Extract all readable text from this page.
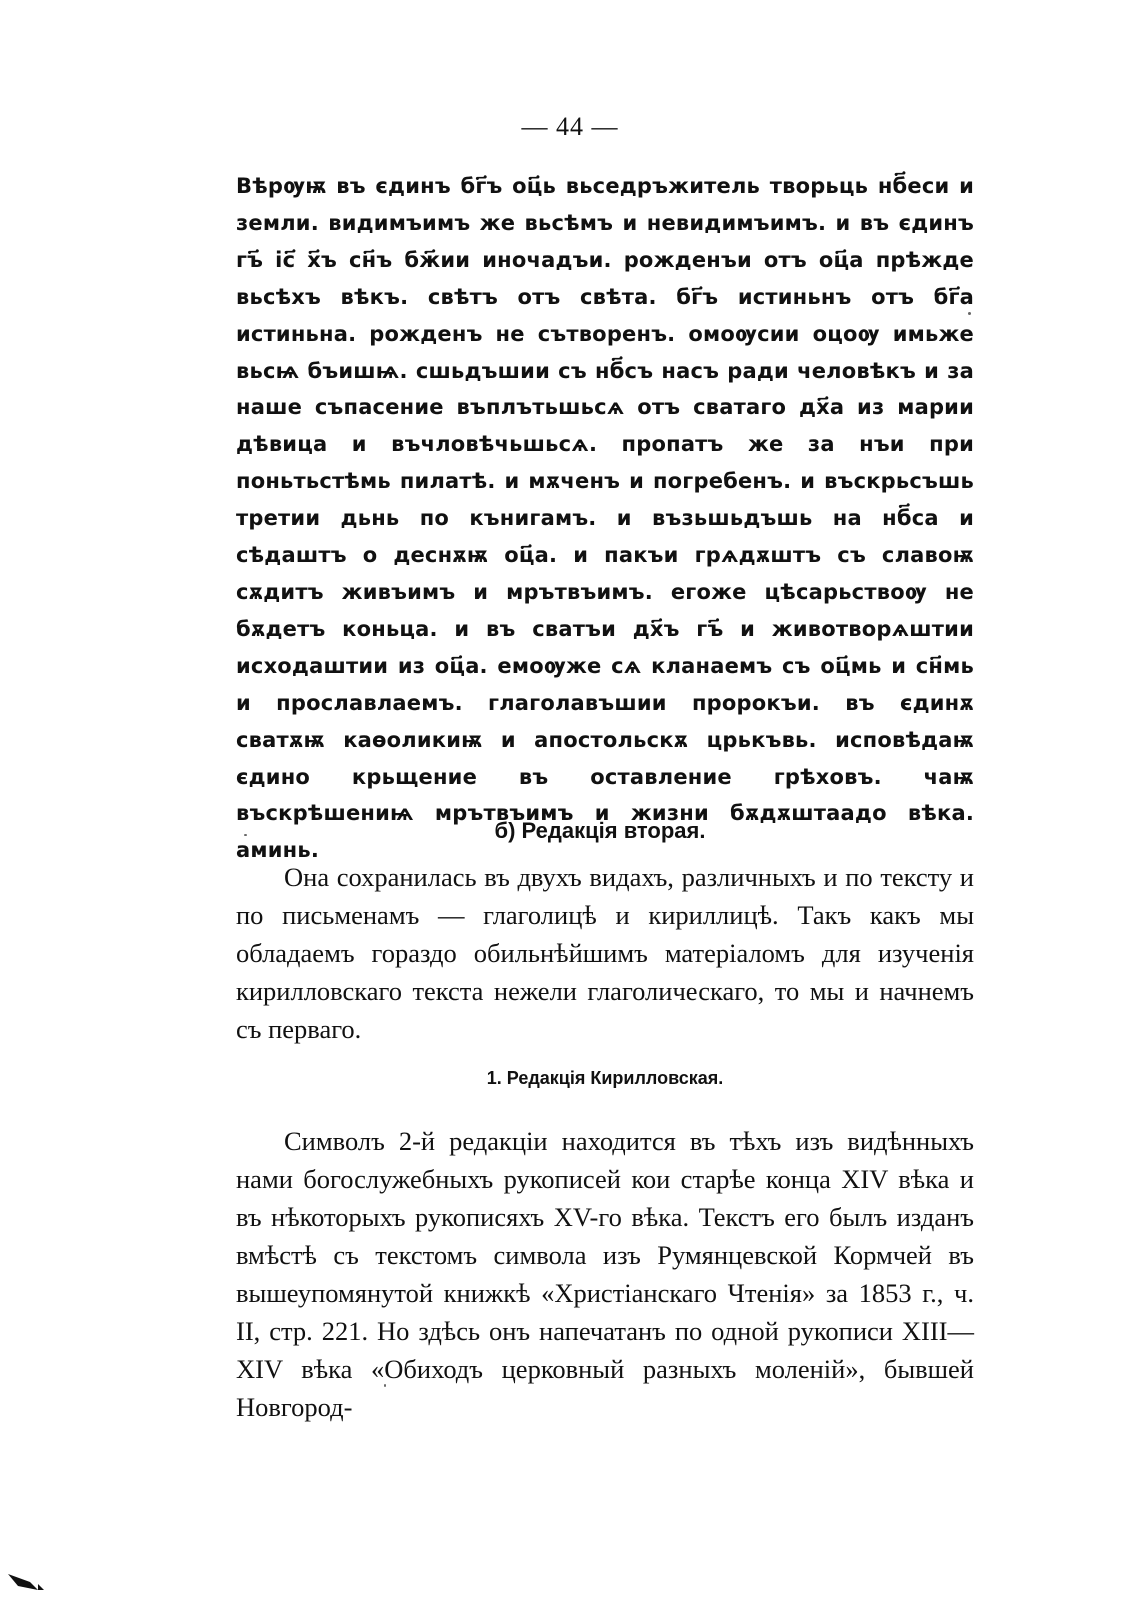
— 44 —
Вѣрѹѭ въ єдинъ бг҃ъ оц҃ь вьседръжитель творьць нб҃еси и земли. видимъимъ же вьсѣмъ и невидимъимъ. и въ єдинъ гъ҃ іс҃ х҃ъ сн҃ъ бж҃ии иночадъи. рожденъи отъ оц҃а прѣжде вьсѣхъ вѣкъ. свѣтъ отъ свѣта. бг҃ъ истиньнъ отъ бг҃а истиньна. рожденъ не сътворенъ. омоѹсии оцоѹ имьже вьсѩ бъишѩ. сшьдъшии съ нб҃съ насъ ради человѣкъ и за наше съпасение въплътьшьсѧ отъ сватаго дх҃а из марии дѣвица и въчловѣчьшьсѧ. пропатъ же за нъи при поньтьстѣмь пилатѣ. и мѫченъ и погребенъ. и въскрьсъшь третии дьнь по кънигамъ. и възьшьдъшь на нб҃са и сѣдаштъ о деснѫѭ оц҃а. и пакъи грѧдѫштъ съ славоѭ сѫдитъ живъимъ и мрътвъимъ. егоже цѣсарьствоѹ не бѫдетъ коньца. и въ сватъи дх҃ъ гъ҃ и животворѧштии исходаштии из оц҃а. емоѹже сѧ кланаемъ съ оц҃мь и сн҃мь и прославлаемъ. глаголавъшии пророкъи. въ єдинѫ сватѫѭ каѳоликиѭ и апостольскѫ црькъвь. исповѣдаѭ єдино крьщение въ оставление грѣховъ. чаѭ въскрѣшениѩ мрътвъимъ и жизни бѫдѫштаадо вѣка. аминь.
б) Редакція вторая.
Она сохранилась въ двухъ видахъ, различныхъ и по тексту и по письменамъ — глаголицѣ и кириллицѣ. Такъ какъ мы обладаемъ гораздо обильнѣйшимъ матеріаломъ для изученія кирилловскаго текста нежели глаголическаго, то мы и начнемъ съ перваго.
1. Редакція Кирилловская.
Символъ 2-й редакціи находится въ тѣхъ изъ видѣнныхъ нами богослужебныхъ рукописей кои старѣе конца XIV вѣка и въ нѣкоторыхъ рукописяхъ XV-го вѣка. Текстъ его былъ изданъ вмѣстѣ съ текстомъ символа изъ Румянцевской Кормчей въ вышеупомянутой книжкѣ «Христіанскаго Чтенія» за 1853 г., ч. II, стр. 221. Но здѣсь онъ напечатанъ по одной рукописи XIII—XIV вѣка «Обиходъ церковный разныхъ моленій», бывшей Новгород-
